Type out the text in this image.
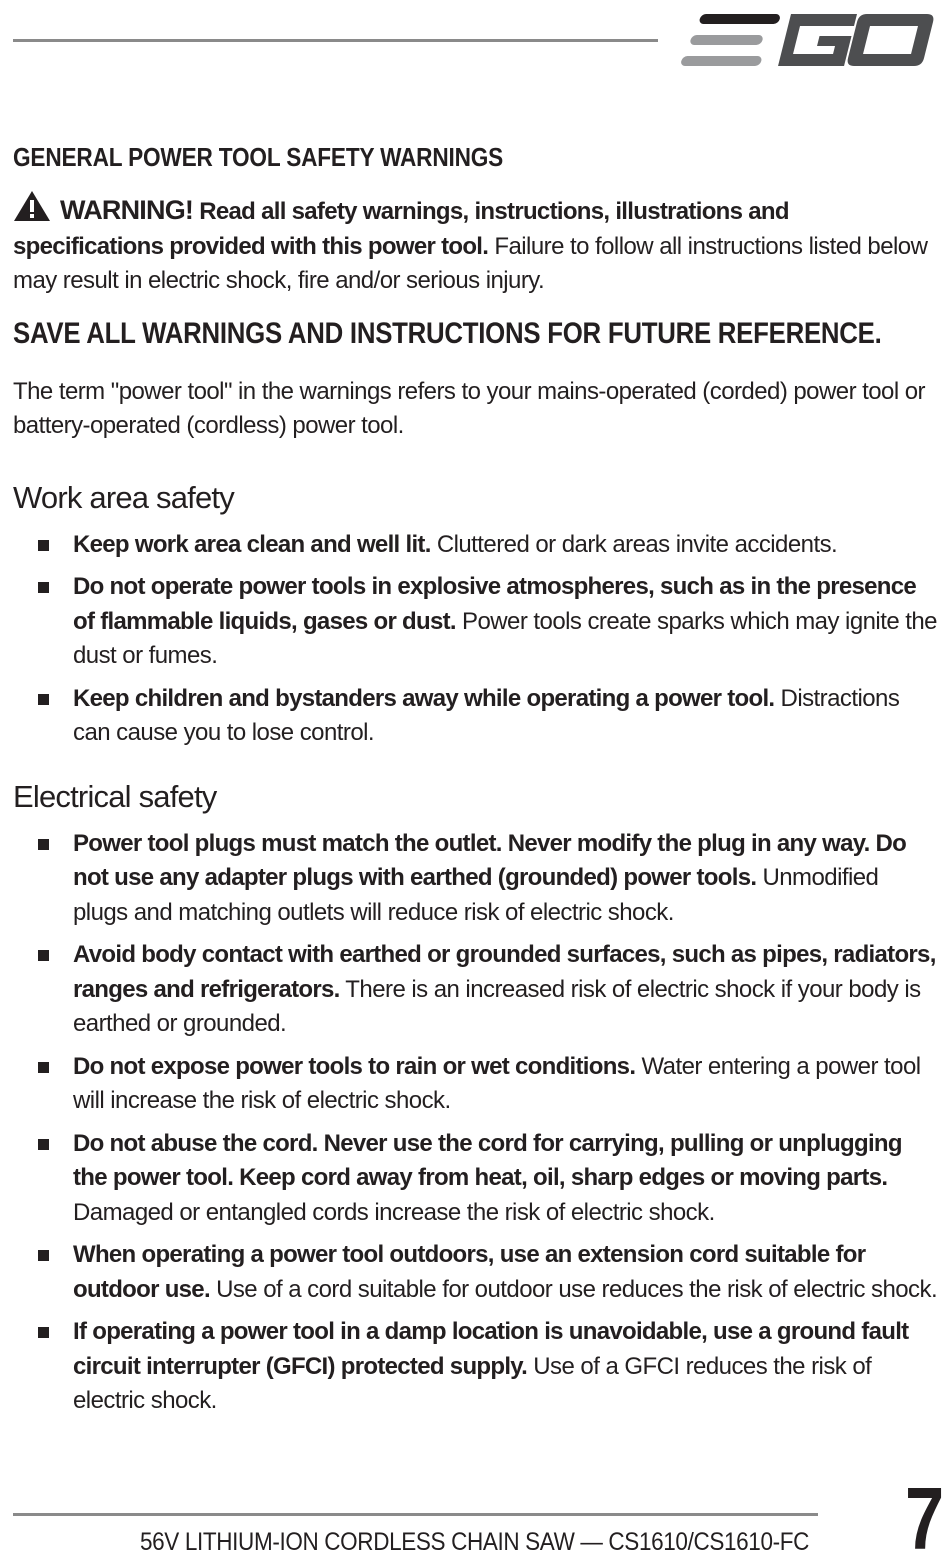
EGO
GENERAL POWER TOOL SAFETY WARNINGS

WARNING! Read all safety warnings, instructions, illustrations and specifications provided with this power tool. Failure to follow all instructions listed below may result in electric shock, fire and/or serious injury.

SAVE ALL WARNINGS AND INSTRUCTIONS FOR FUTURE REFERENCE.

The term "power tool" in the warnings refers to your mains-operated (corded) power tool or battery-operated (cordless) power tool.

Work area safety
Keep work area clean and well lit. Cluttered or dark areas invite accidents.
Do not operate power tools in explosive atmospheres, such as in the presence of flammable liquids, gases or dust. Power tools create sparks which may ignite the dust or fumes.
Keep children and bystanders away while operating a power tool. Distractions can cause you to lose control.
Electrical safety
Power tool plugs must match the outlet. Never modify the plug in any way. Do not use any adapter plugs with earthed (grounded) power tools. Unmodified plugs and matching outlets will reduce risk of electric shock.
Avoid body contact with earthed or grounded surfaces, such as pipes, radiators, ranges and refrigerators. There is an increased risk of electric shock if your body is earthed or grounded.
Do not expose power tools to rain or wet conditions. Water entering a power tool will increase the risk of electric shock.
Do not abuse the cord. Never use the cord for carrying, pulling or unplugging the power tool. Keep cord away from heat, oil, sharp edges or moving parts. Damaged or entangled cords increase the risk of electric shock.
When operating a power tool outdoors, use an extension cord suitable for outdoor use. Use of a cord suitable for outdoor use reduces the risk of electric shock.
If operating a power tool in a damp location is unavoidable, use a ground fault circuit interrupter (GFCI) protected supply. Use of a GFCI reduces the risk of electric shock.
56V LITHIUM-ION CORDLESS CHAIN SAW — CS1610/CS1610-FC 7
